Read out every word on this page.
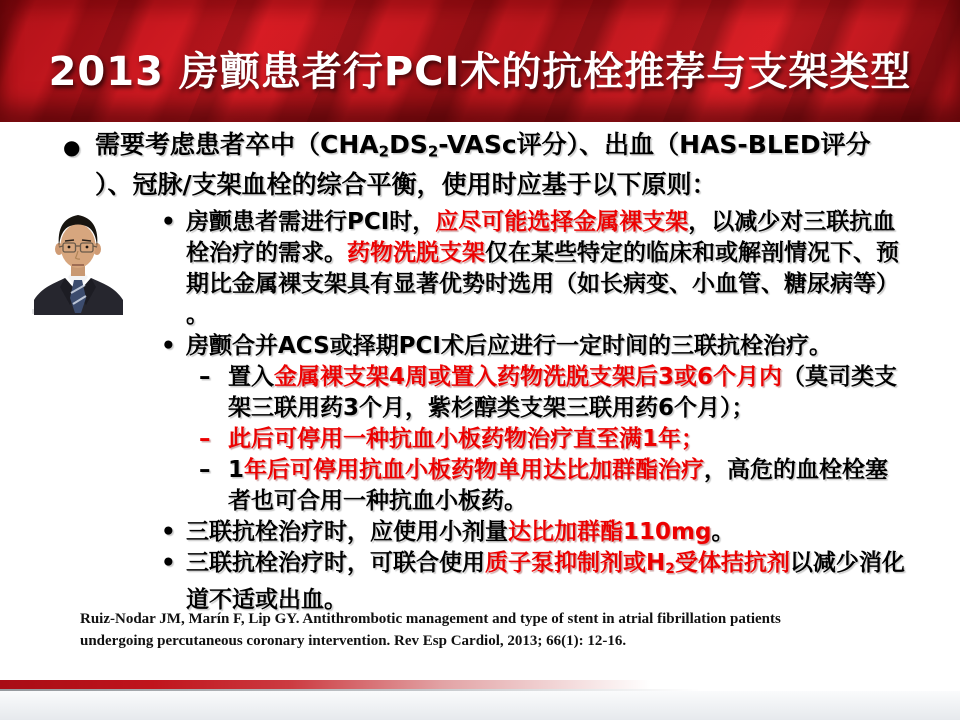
2013 房颤患者行PCI术的抗栓推荐与支架类型
● 需要考虑患者卒中（$CHA_2DS_2$-VASc评分）、出血（HAS-BLED评分
）、冠脉/支架血栓的综合平衡，使用时应基于以下原则：
• 房颤患者需进行PCI时，应尽可能选择金属裸支架，以减少对三联抗血
栓治疗的需求。药物洗脱支架仅在某些特定的临床和或解剖情况下、预
期比金属裸支架具有显著优势时选用（如长病变、小血管、糖尿病等）
。
• 房颤合并ACS或择期PCI术后应进行一定时间的三联抗栓治疗。
– 置入金属裸支架4周或置入药物洗脱支架后3或6个月内（莫司类支
架三联用药3个月，紫杉醇类支架三联用药6个月）；
– 此后可停用一种抗血小板药物治疗直至满1年；
– 1年后可停用抗血小板药物单用达比加群酯治疗，高危的血栓栓塞
者也可合用一种抗血小板药。
• 三联抗栓治疗时，应使用小剂量达比加群酯110mg。
• 三联抗栓治疗时，可联合使用质子泵抑制剂或$H_2$受体拮抗剂以减少消化
道不适或出血。
Ruiz-Nodar JM, Marín F, Lip GY. Antithrombotic management and type of stent in atrial fibrillation patients
undergoing percutaneous coronary intervention. Rev Esp Cardiol, 2013; 66(1): 12-16.
